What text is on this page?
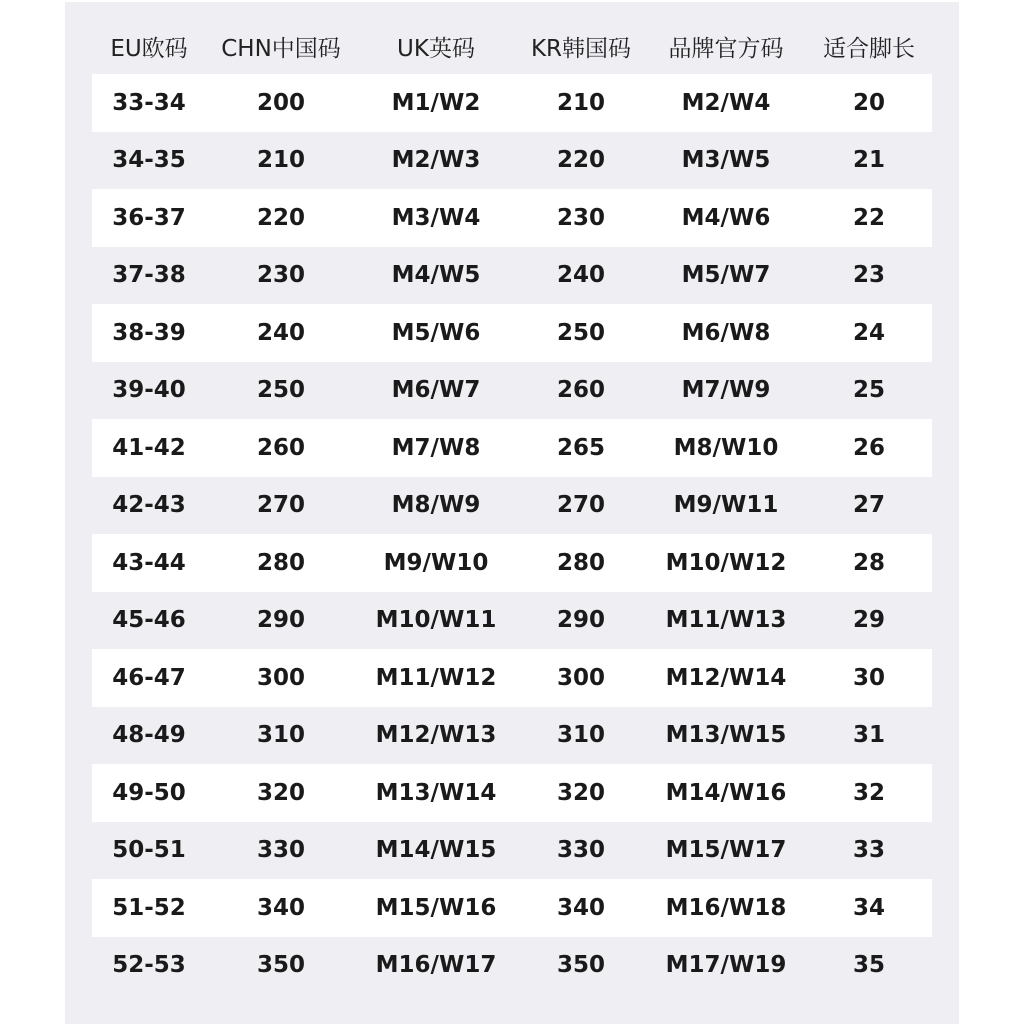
EU欧码	CHN中国码	UK英码	KR韩国码	品牌官方码	适合脚长
33-34	200	M1/W2	210	M2/W4	20
34-35	210	M2/W3	220	M3/W5	21
36-37	220	M3/W4	230	M4/W6	22
37-38	230	M4/W5	240	M5/W7	23
38-39	240	M5/W6	250	M6/W8	24
39-40	250	M6/W7	260	M7/W9	25
41-42	260	M7/W8	265	M8/W10	26
42-43	270	M8/W9	270	M9/W11	27
43-44	280	M9/W10	280	M10/W12	28
45-46	290	M10/W11	290	M11/W13	29
46-47	300	M11/W12	300	M12/W14	30
48-49	310	M12/W13	310	M13/W15	31
49-50	320	M13/W14	320	M14/W16	32
50-51	330	M14/W15	330	M15/W17	33
51-52	340	M15/W16	340	M16/W18	34
52-53	350	M16/W17	350	M17/W19	35
